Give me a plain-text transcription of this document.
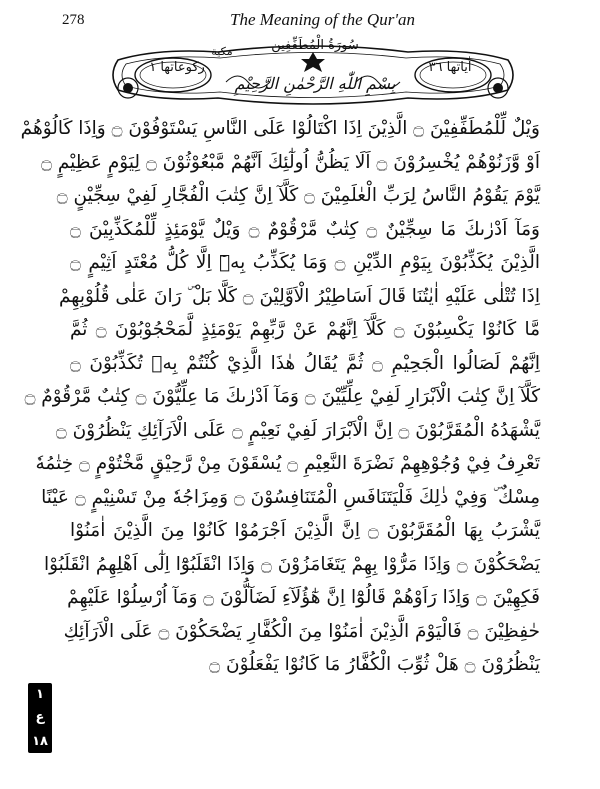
278	The Meaning of the Qur'an
سُورَةُ الْمُطَفِّفِين
مكية
بِسْمِ اللّٰهِ الرَّحْمٰنِ الرَّحِيْمِ
ركوعاتها ١	اٰياتها ٣٦
وَيْلٌ لِّلْمُطَفِّفِيْنَ ۝ الَّذِيْنَ اِذَا اكْتَالُوْا عَلَى النَّاسِ يَسْتَوْفُوْنَ ۝ وَاِذَا كَالُوْهُمْ
اَوْ وَّزَنُوْهُمْ يُخْسِرُوْنَ ۝ اَلَا يَظُنُّ اُولٰٓئِكَ اَنَّهُمْ مَّبْعُوْثُوْنَ ۝ لِيَوْمٍ عَظِيْمٍ ۝
يَّوْمَ يَقُوْمُ النَّاسُ لِرَبِّ الْعٰلَمِيْنَ ۝ كَلَّآ اِنَّ كِتٰبَ الْفُجَّارِ لَفِيْ سِجِّيْنٍ ۝
وَمَآ اَدْرٰىكَ مَا سِجِّيْنٌ ۝ كِتٰبٌ مَّرْقُوْمٌ ۝ وَيْلٌ يَّوْمَئِذٍ لِّلْمُكَذِّبِيْنَ ۝
الَّذِيْنَ يُكَذِّبُوْنَ بِيَوْمِ الدِّيْنِ ۝ وَمَا يُكَذِّبُ بِهٖٓ اِلَّا كُلُّ مُعْتَدٍ اَثِيْمٍ ۝
اِذَا تُتْلٰى عَلَيْهِ اٰيٰتُنَا قَالَ اَسَاطِيْرُ الْاَوَّلِيْنَ ۝ كَلَّا بَلْ ۜ رَانَ عَلٰى قُلُوْبِهِمْ
مَّا كَانُوْا يَكْسِبُوْنَ ۝ كَلَّآ اِنَّهُمْ عَنْ رَّبِّهِمْ يَوْمَئِذٍ لَّمَحْجُوْبُوْنَ ۝ ثُمَّ
اِنَّهُمْ لَصَالُوا الْجَحِيْمِ ۝ ثُمَّ يُقَالُ هٰذَا الَّذِيْ كُنْتُمْ بِهٖ تُكَذِّبُوْنَ ۝
كَلَّآ اِنَّ كِتٰبَ الْاَبْرَارِ لَفِيْ عِلِّيِّيْنَ ۝ وَمَآ اَدْرٰىكَ مَا عِلِّيُّوْنَ ۝ كِتٰبٌ مَّرْقُوْمٌ ۝
يَّشْهَدُهُ الْمُقَرَّبُوْنَ ۝ اِنَّ الْاَبْرَارَ لَفِيْ نَعِيْمٍ ۝ عَلَى الْاَرَآئِكِ يَنْظُرُوْنَ ۝
تَعْرِفُ فِيْ وُجُوْهِهِمْ نَضْرَةَ النَّعِيْمِ ۝ يُسْقَوْنَ مِنْ رَّحِيْقٍ مَّخْتُوْمٍ ۝ خِتٰمُهٗ
مِسْكٌ ۜ وَفِيْ ذٰلِكَ فَلْيَتَنَافَسِ الْمُتَنَافِسُوْنَ ۝ وَمِزَاجُهٗ مِنْ تَسْنِيْمٍ ۝ عَيْنًا
يَّشْرَبُ بِهَا الْمُقَرَّبُوْنَ ۝ اِنَّ الَّذِيْنَ اَجْرَمُوْا كَانُوْا مِنَ الَّذِيْنَ اٰمَنُوْا
يَضْحَكُوْنَ ۝ وَاِذَا مَرُّوْا بِهِمْ يَتَغَامَزُوْنَ ۝ وَاِذَا انْقَلَبُوْٓا اِلٰٓى اَهْلِهِمُ انْقَلَبُوْا
فَكِهِيْنَ ۝ وَاِذَا رَاَوْهُمْ قَالُوْٓا اِنَّ هٰٓؤُلَآءِ لَضَآلُّوْنَ ۝ وَمَآ اُرْسِلُوْا عَلَيْهِمْ
حٰفِظِيْنَ ۝ فَالْيَوْمَ الَّذِيْنَ اٰمَنُوْا مِنَ الْكُفَّارِ يَضْحَكُوْنَ ۝ عَلَى الْاَرَآئِكِ
يَنْظُرُوْنَ ۝ هَلْ ثُوِّبَ الْكُفَّارُ مَا كَانُوْا يَفْعَلُوْنَ ۝
١
ع
١٨
